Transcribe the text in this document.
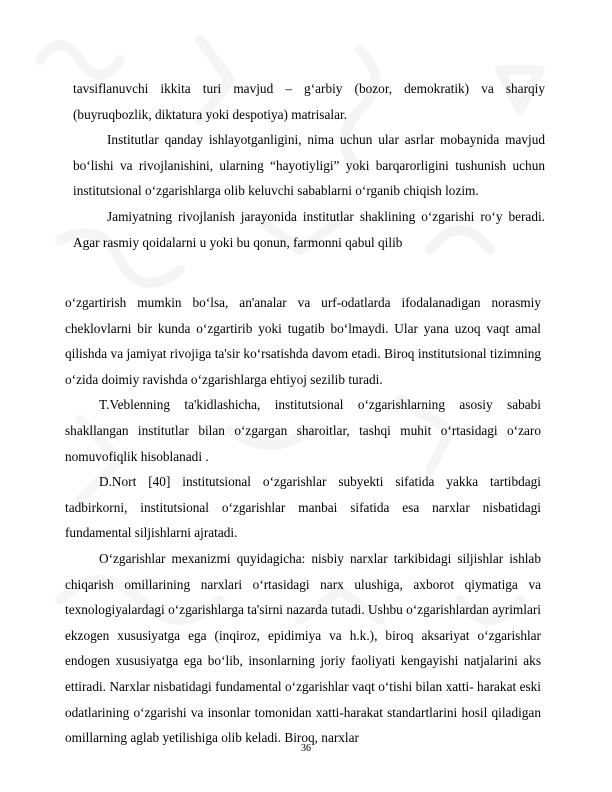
tavsiflanuvchi ikkita turi mavjud – g‘arbiy (bozor, demokratik) va sharqiy (buyruqbozlik, diktatura yoki despotiya) matrisalar.

Institutlar qanday ishlayotganligini, nima uchun ular asrlar mobaynida mavjud bo‘lishi va rivojlanishini, ularning “hayotiyligi” yoki barqarorligini tushunish uchun institutsional o‘zgarishlarga olib keluvchi sabablarni o‘rganib chiqish lozim.

Jamiyatning rivojlanish jarayonida institutlar shaklining o‘zgarishi ro‘y beradi. Agar rasmiy qoidalarni u yoki bu qonun, farmonni qabul qilib

o‘zgartirish mumkin bo‘lsa, an'analar va urf-odatlarda ifodalanadigan norasmiy cheklovlarni bir kunda o‘zgartirib yoki tugatib bo‘lmaydi. Ular yana uzoq vaqt amal qilishda va jamiyat rivojiga ta'sir ko‘rsatishda davom etadi. Biroq institutsional tizimning o‘zida doimiy ravishda o‘zgarishlarga ehtiyoj sezilib turadi.

T.Veblenning ta'kidlashicha, institutsional o‘zgarishlarning asosiy sababi shakllangan institutlar bilan o‘zgargan sharoitlar, tashqi muhit o‘rtasidagi o‘zaro nomuvofiqlik hisoblanadi .

D.Nort [40] institutsional o‘zgarishlar subyekti sifatida yakka tartibdagi tadbirkorni, institutsional o‘zgarishlar manbai sifatida esa narxlar nisbatidagi fundamental siljishlarni ajratadi.

O‘zgarishlar mexanizmi quyidagicha: nisbiy narxlar tarkibidagi siljishlar ishlab chiqarish omillarining narxlari o‘rtasidagi narx ulushiga, axborot qiymatiga va texnologiyalardagi o‘zgarishlarga ta'sirni nazarda tutadi. Ushbu o‘zgarishlardan ayrimlari ekzogen xususiyatga ega (inqiroz, epidimiya va h.k.), biroq aksariyat o‘zgarishlar endogen xususiyatga ega bo‘lib, insonlarning joriy faoliyati kengayishi natjalarini aks ettiradi. Narxlar nisbatidagi fundamental o‘zgarishlar vaqt o‘tishi bilan xatti- harakat eski odatlarining o‘zgarishi va insonlar tomonidan xatti-harakat standartlarini hosil qiladigan omillarning aglab yetilishiga olib keladi. Biroq, narxlar

36
